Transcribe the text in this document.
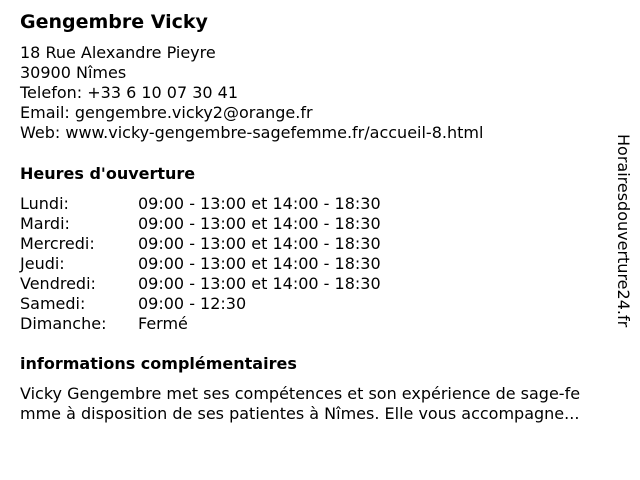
Gengembre Vicky
18 Rue Alexandre Pieyre
30900 Nîmes
Telefon: +33 6 10 07 30 41
Email: gengembre.vicky2@orange.fr
Web: www.vicky-gengembre-sagefemme.fr/accueil-8.html
Heures d'ouverture
Lundi:	09:00 - 13:00 et 14:00 - 18:30
Mardi:	09:00 - 13:00 et 14:00 - 18:30
Mercredi:	09:00 - 13:00 et 14:00 - 18:30
Jeudi:	09:00 - 13:00 et 14:00 - 18:30
Vendredi:	09:00 - 13:00 et 14:00 - 18:30
Samedi:	09:00 - 12:30
Dimanche:	Fermé
informations complémentaires
Vicky Gengembre met ses compétences et son expérience de sage-fe
mme à disposition de ses patientes à Nîmes. Elle vous accompagne...
Horairesdouverture24.fr
